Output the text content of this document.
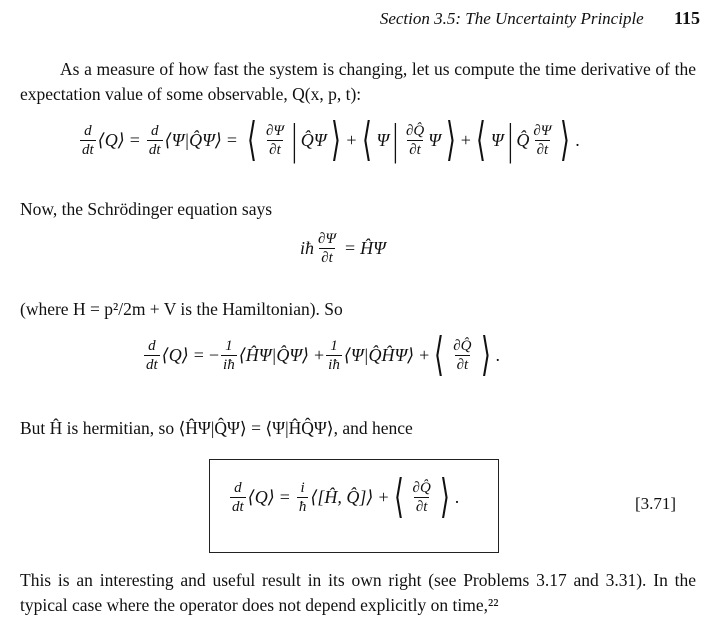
Section 3.5: The Uncertainty Principle 115
As a measure of how fast the system is changing, let us compute the time derivative of the expectation value of some observable, Q(x, p, t):
$\frac{d}{dt}$ ⟨Q⟩ = $\frac{d}{dt}$ ⟨Ψ|Q̂Ψ⟩ = ⟨ $\frac{\partial\Psi}{\partial t}$ | Q̂Ψ ⟩ + ⟨ Ψ | $\frac{\partial Q̂}{\partial t}$ Ψ ⟩ + ⟨ Ψ | Q̂ $\frac{\partial\Psi}{\partial t}$ ⟩ .
Now, the Schrödinger equation says
iħ $\frac{\partial\Psi}{\partial t}$ = ĤΨ
(where H = p²/2m + V is the Hamiltonian). So
$\frac{d}{dt}$ ⟨Q⟩ = − $\frac{1}{iħ}$ ⟨ĤΨ|Q̂Ψ⟩ + $\frac{1}{iħ}$ ⟨Ψ|Q̂ĤΨ⟩ + ⟨ $\frac{\partial Q̂}{\partial t}$ ⟩ .
But Ĥ is hermitian, so ⟨ĤΨ|Q̂Ψ⟩ = ⟨Ψ|ĤQ̂Ψ⟩, and hence
$\frac{d}{dt}$ ⟨Q⟩ = $\frac{i}{ħ}$ ⟨[Ĥ, Q̂]⟩ + ⟨ $\frac{\partial Q̂}{\partial t}$ ⟩ .	[3.71]
This is an interesting and useful result in its own right (see Problems 3.17 and 3.31). In the typical case where the operator does not depend explicitly on time,²²
